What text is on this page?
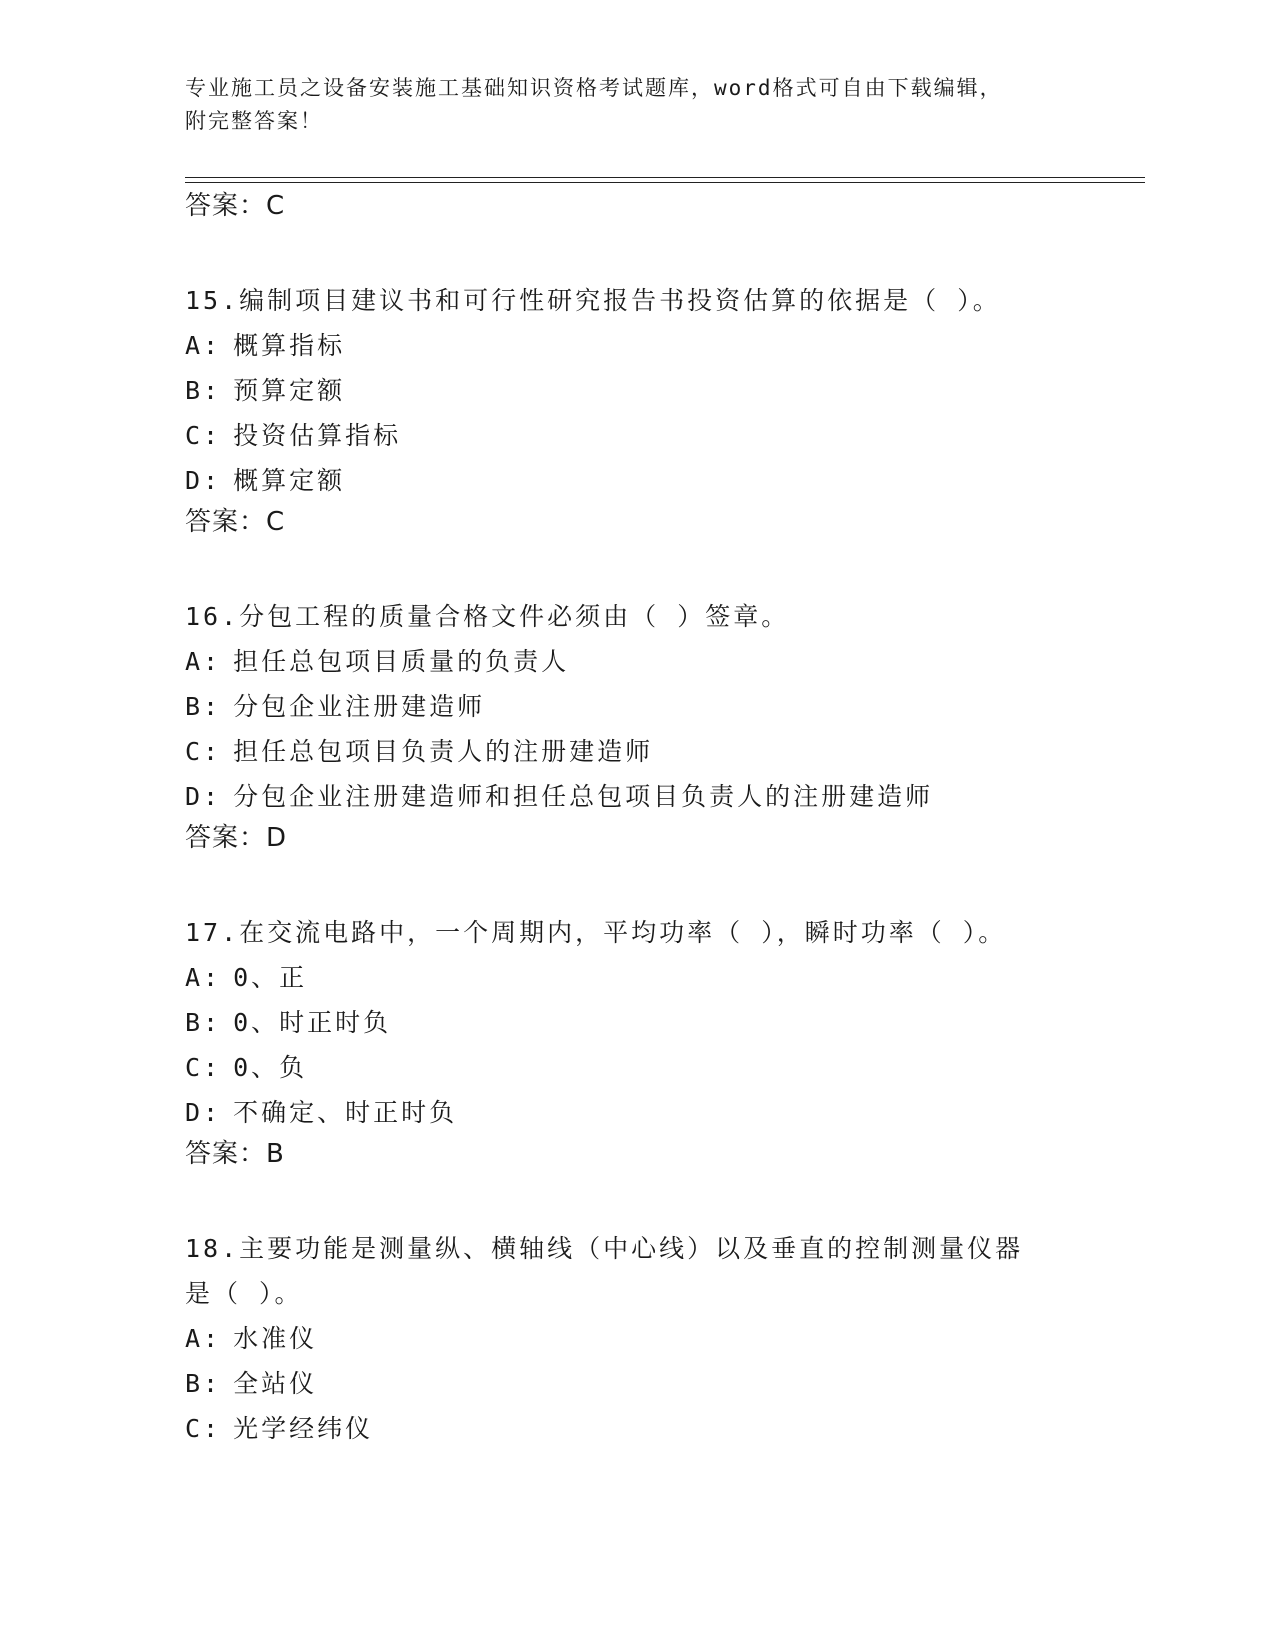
专业施工员之设备安装施工基础知识资格考试题库，word格式可自由下载编辑，
附完整答案！
答案：C
15.编制项目建议书和可行性研究报告书投资估算的依据是（ ）。
A: 概算指标
B: 预算定额
C: 投资估算指标
D: 概算定额
答案：C
16.分包工程的质量合格文件必须由（ ）签章。
A: 担任总包项目质量的负责人
B: 分包企业注册建造师
C: 担任总包项目负责人的注册建造师
D: 分包企业注册建造师和担任总包项目负责人的注册建造师
答案：D
17.在交流电路中，一个周期内，平均功率（ ），瞬时功率（ ）。
A: 0、正
B: 0、时正时负
C: 0、负
D: 不确定、时正时负
答案：B
18.主要功能是测量纵、横轴线（中心线）以及垂直的控制测量仪器是（ ）。
A: 水准仪
B: 全站仪
C: 光学经纬仪
